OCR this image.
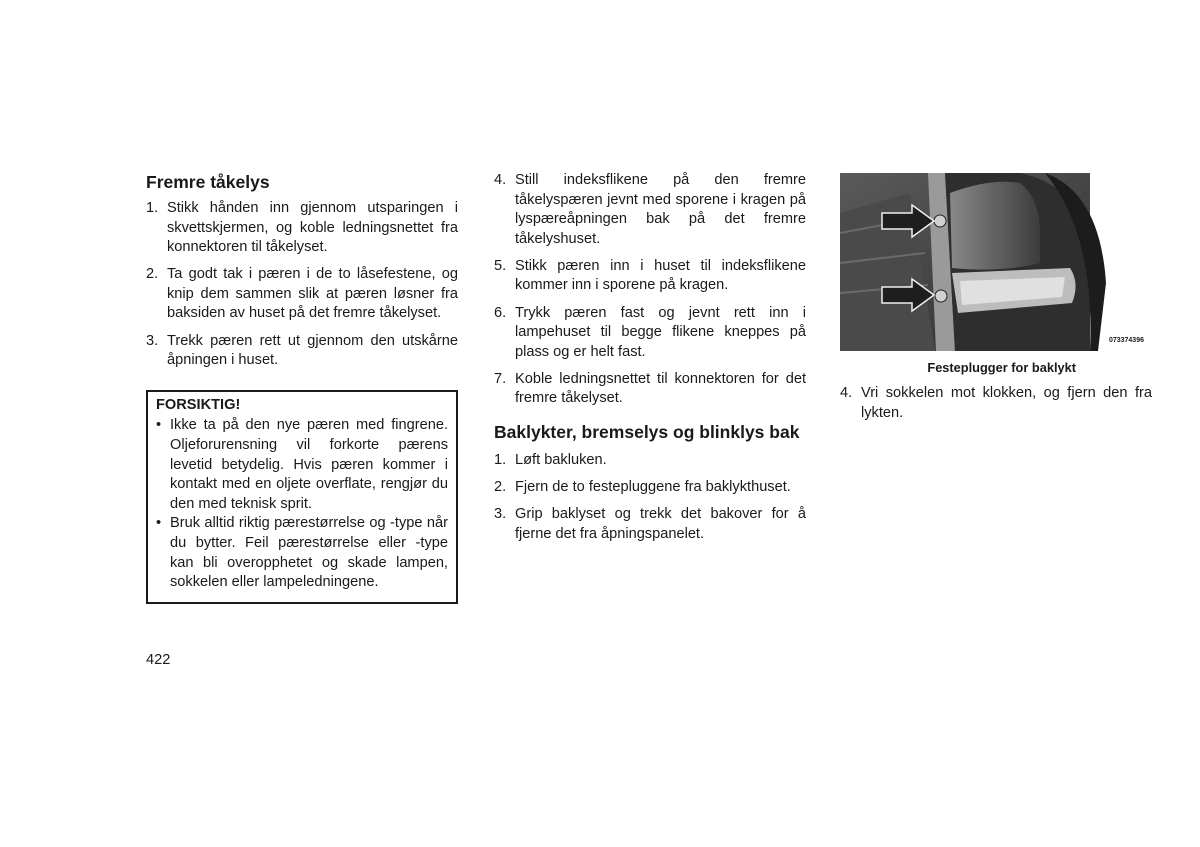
Fremre tåkelys
1. Stikk hånden inn gjennom utsparingen i skvettskjermen, og koble ledningsnettet fra konnektoren til tåkelyset.
2. Ta godt tak i pæren i de to låsefestene, og knip dem sammen slik at pæren løsner fra baksiden av huset på det fremre tåkelyset.
3. Trekk pæren rett ut gjennom den utskårne åpningen i huset.
FORSIKTIG!
• Ikke ta på den nye pæren med fingrene. Oljeforurensning vil forkorte pærens levetid betydelig. Hvis pæren kommer i kontakt med en oljete overflate, rengjør du den med teknisk sprit.
• Bruk alltid riktig pærestørrelse og -type når du bytter. Feil pærestørrelse eller -type kan bli overopphetet og skade lampen, sokkelen eller lampeledningene.
4. Still indeksflikene på den fremre tåkelyspæren jevnt med sporene i kragen på lyspæreåpningen bak på det fremre tåkelyshuset.
5. Stikk pæren inn i huset til indeksflikene kommer inn i sporene på kragen.
6. Trykk pæren fast og jevnt rett inn i lampehuset til begge flikene kneppes på plass og er helt fast.
7. Koble ledningsnettet til konnektoren for det fremre tåkelyset.
Baklykter, bremselys og blinklys bak
1. Løft bakluken.
2. Fjern de to festepluggene fra baklykthuset.
3. Grip baklyset og trekk det bakover for å fjerne det fra åpningspanelet.
073374396
Festeplugger for baklykt
4. Vri sokkelen mot klokken, og fjern den fra lykten.
422
